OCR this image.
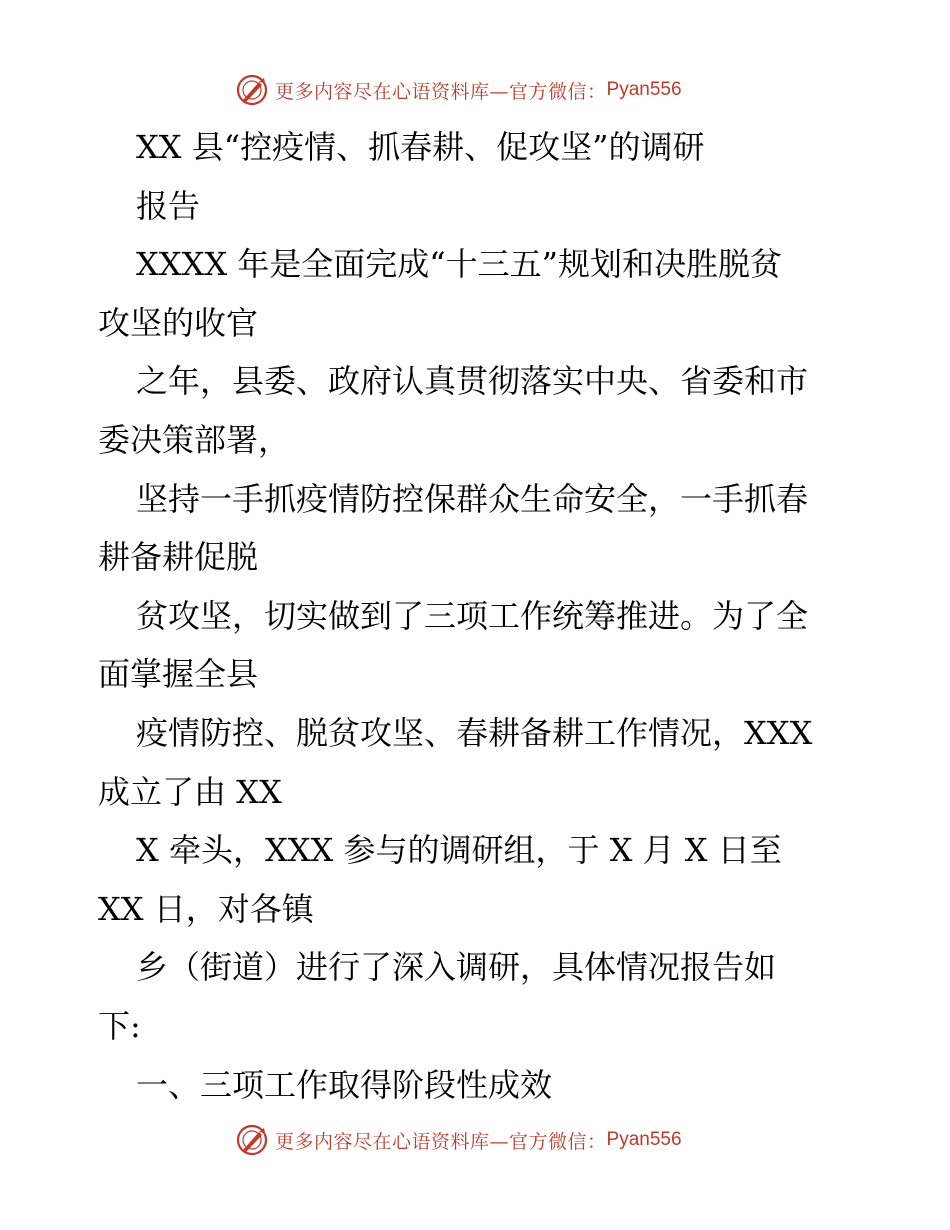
更多内容尽在心语资料库—官方微信： Pyan556
XX 县“控疫情、抓春耕、促攻坚”的调研
报告
XXXX 年是全面完成“十三五”规划和决胜脱贫
攻坚的收官
之年，县委、政府认真贯彻落实中央、省委和市
委决策部署，
坚持一手抓疫情防控保群众生命安全，一手抓春
耕备耕促脱
贫攻坚，切实做到了三项工作统筹推进。为了全
面掌握全县
疫情防控、脱贫攻坚、春耕备耕工作情况，XXX
成立了由 XX
X 牵头，XXX 参与的调研组，于 X 月 X 日至
XX 日，对各镇
乡（街道）进行了深入调研，具体情况报告如
下:
一、三项工作取得阶段性成效
更多内容尽在心语资料库—官方微信： Pyan556
